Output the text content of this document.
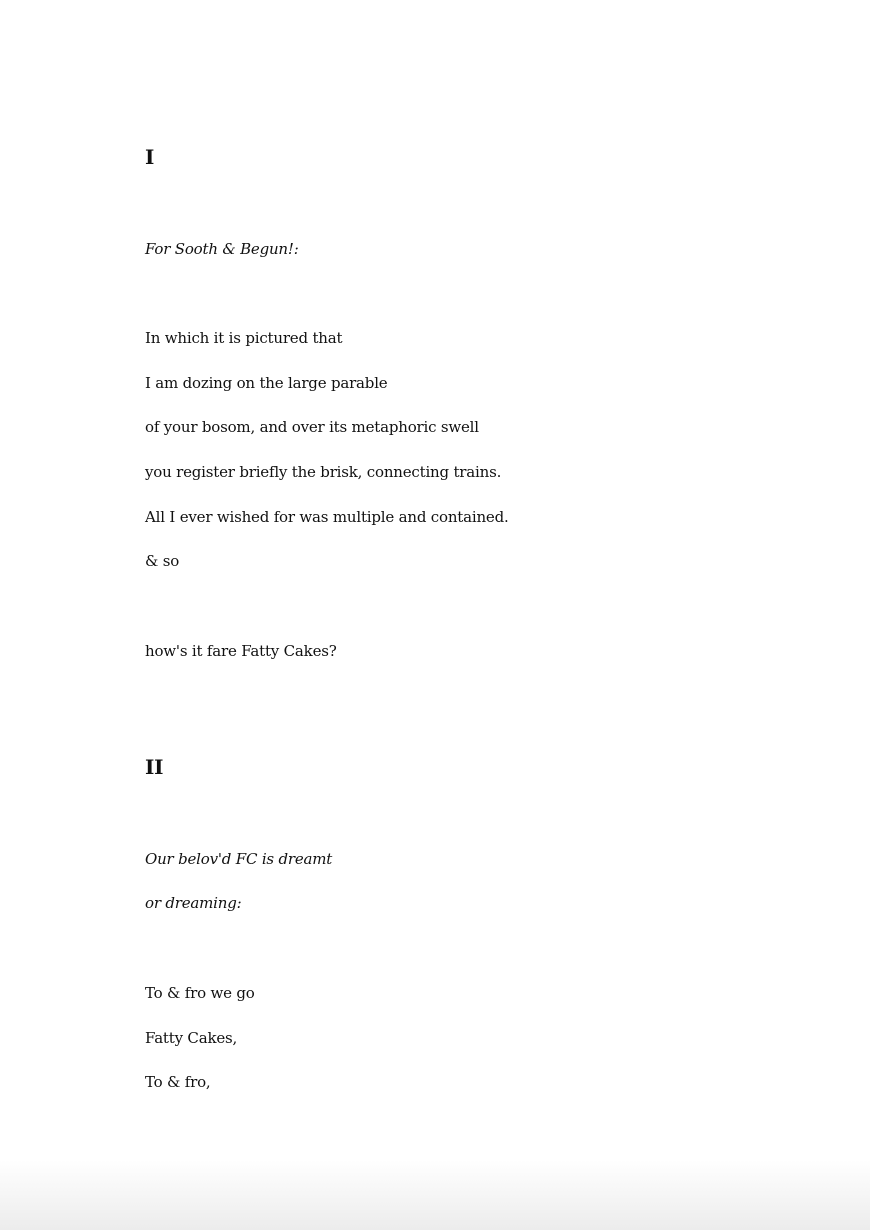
I

For Sooth & Begun!:

In which it is pictured that

I am dozing on the large parable

of your bosom, and over its metaphoric swell

you register briefly the brisk, connecting trains.

All I ever wished for was multiple and contained.

& so

how's it fare Fatty Cakes?

II

Our belov'd FC is dreamt

or dreaming:

To & fro we go

Fatty Cakes,

To & fro,
